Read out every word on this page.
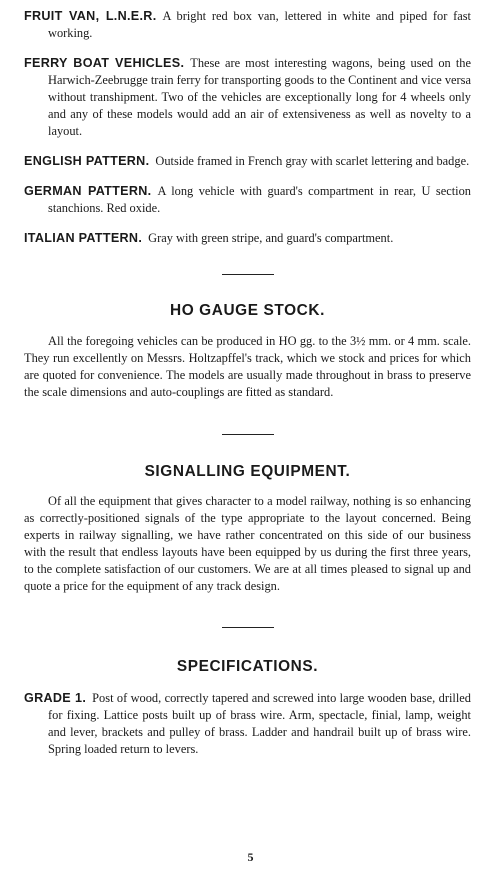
FRUIT VAN, L.N.E.R. A bright red box van, lettered in white and piped for fast working.

FERRY BOAT VEHICLES. These are most interesting wagons, being used on the Harwich-Zeebrugge train ferry for transporting goods to the Continent and vice versa without transhipment. Two of the vehicles are exceptionally long for 4 wheels only and any of these models would add an air of extensiveness as well as novelty to a layout.

ENGLISH PATTERN. Outside framed in French gray with scarlet lettering and badge.

GERMAN PATTERN. A long vehicle with guard's compartment in rear, U section stanchions. Red oxide.

ITALIAN PATTERN. Gray with green stripe, and guard's compartment.

HO GAUGE STOCK.

All the foregoing vehicles can be produced in HO gg. to the 3½ mm. or 4 mm. scale. They run excellently on Messrs. Holtzapffel's track, which we stock and prices for which are quoted for convenience. The models are usually made throughout in brass to preserve the scale dimensions and auto-couplings are fitted as standard.

SIGNALLING EQUIPMENT.

Of all the equipment that gives character to a model railway, nothing is so enhancing as correctly-positioned signals of the type appropriate to the layout concerned. Being experts in railway signalling, we have rather concentrated on this side of our business with the result that endless layouts have been equipped by us during the first three years, to the complete satisfaction of our customers. We are at all times pleased to signal up and quote a price for the equipment of any track design.

SPECIFICATIONS.

GRADE 1. Post of wood, correctly tapered and screwed into large wooden base, drilled for fixing. Lattice posts built up of brass wire. Arm, spectacle, finial, lamp, weight and lever, brackets and pulley of brass. Ladder and handrail built up of brass wire. Spring loaded return to levers.

5
